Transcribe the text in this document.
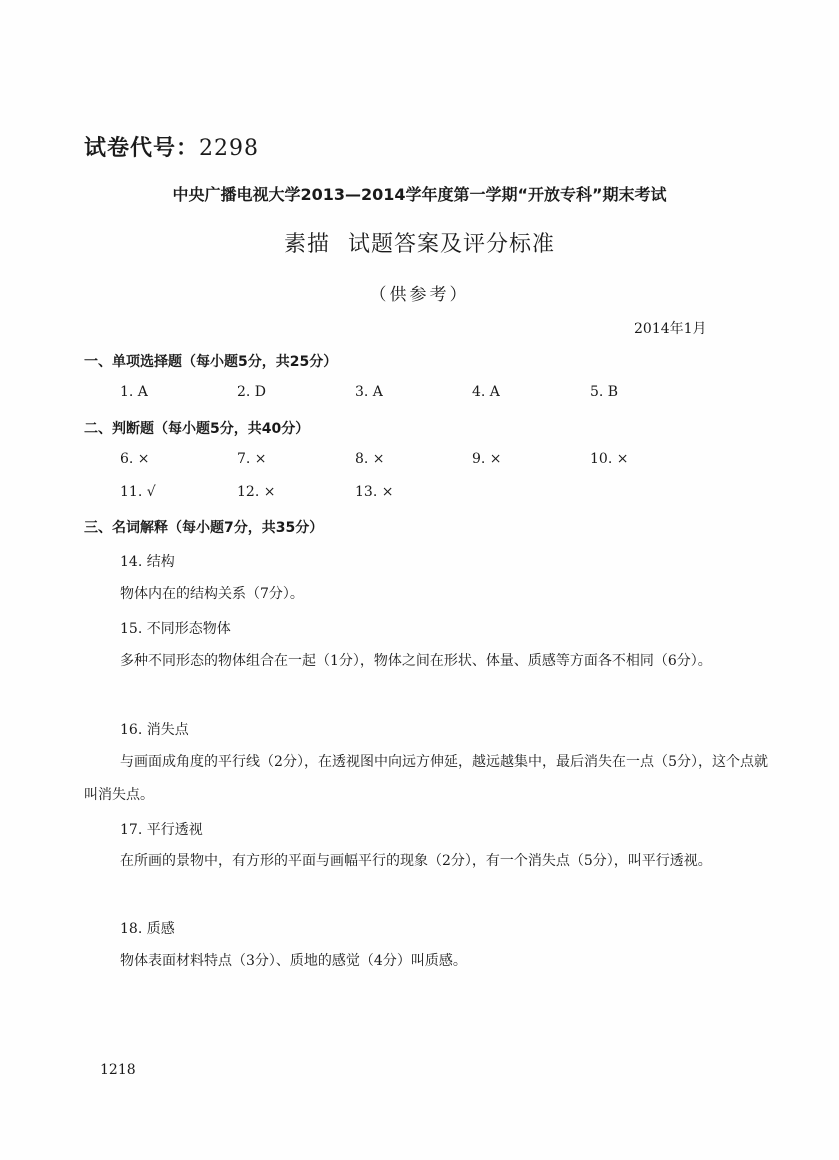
试卷代号：2298
中央广播电视大学2013—2014学年度第一学期“开放专科”期末考试
素描 试题答案及评分标准
（供参考）
2014年1月
一、单项选择题（每小题5分，共25分）
1. A	2. D	3. A	4. A	5. B
二、判断题（每小题5分，共40分）
6. ×	7. ×	8. ×	9. ×	10. ×
11. √	12. ×	13. ×
三、名词解释（每小题7分，共35分）
14. 结构
物体内在的结构关系（7分）。
15. 不同形态物体
多种不同形态的物体组合在一起（1分），物体之间在形状、体量、质感等方面各不相同（6分）。
16. 消失点
与画面成角度的平行线（2分），在透视图中向远方伸延，越远越集中，最后消失在一点（5分），这个点就叫消失点。
17. 平行透视
在所画的景物中，有方形的平面与画幅平行的现象（2分），有一个消失点（5分），叫平行透视。
18. 质感
物体表面材料特点（3分）、质地的感觉（4分）叫质感。
1218
